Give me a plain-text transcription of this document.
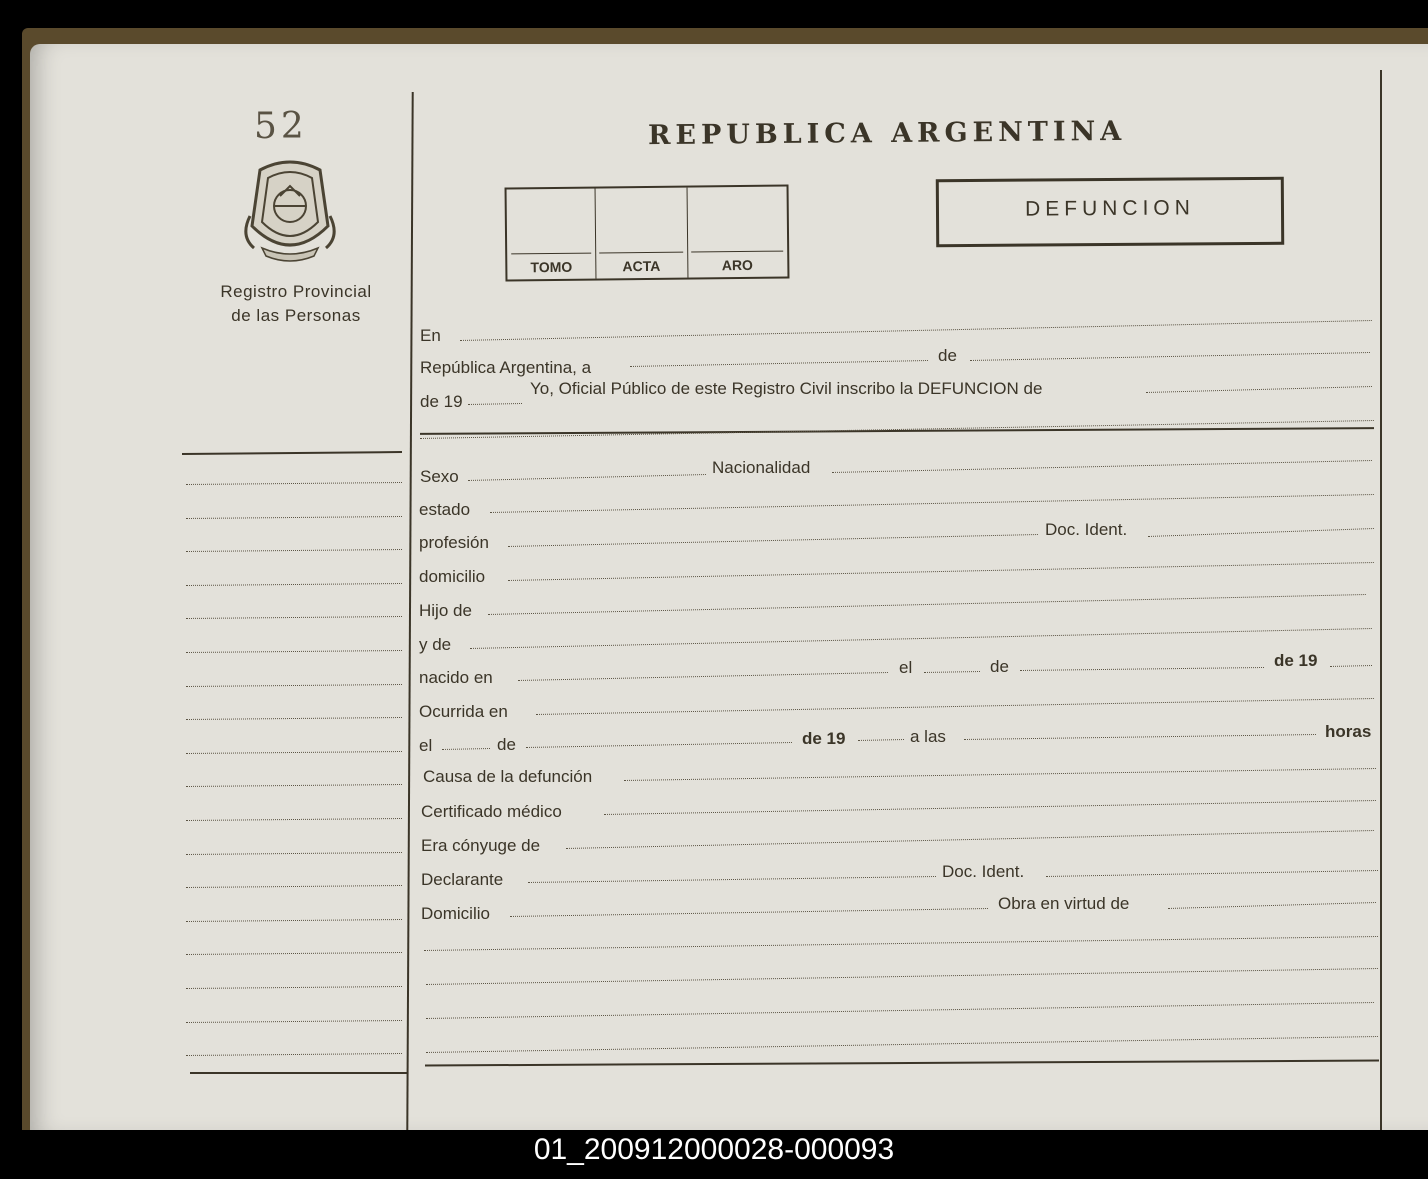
52
Registro Provincial
de las Personas
REPUBLICA ARGENTINA
TOMO	ACTA	ARO
DEFUNCION
En
República Argentina, a
de
de 19
Yo, Oficial Público de este Registro Civil inscribo la DEFUNCION de
Sexo	Nacionalidad
estado
profesión
Doc. Ident.
domicilio
Hijo de
y de
nacido en
el	de	de 19
Ocurrida en
el	de	de 19	a las	horas
Causa de la defunción
Certificado médico
Era cónyuge de
Declarante	Doc. Ident.
Domicilio
Obra en virtud de
01_200912000028-000093
